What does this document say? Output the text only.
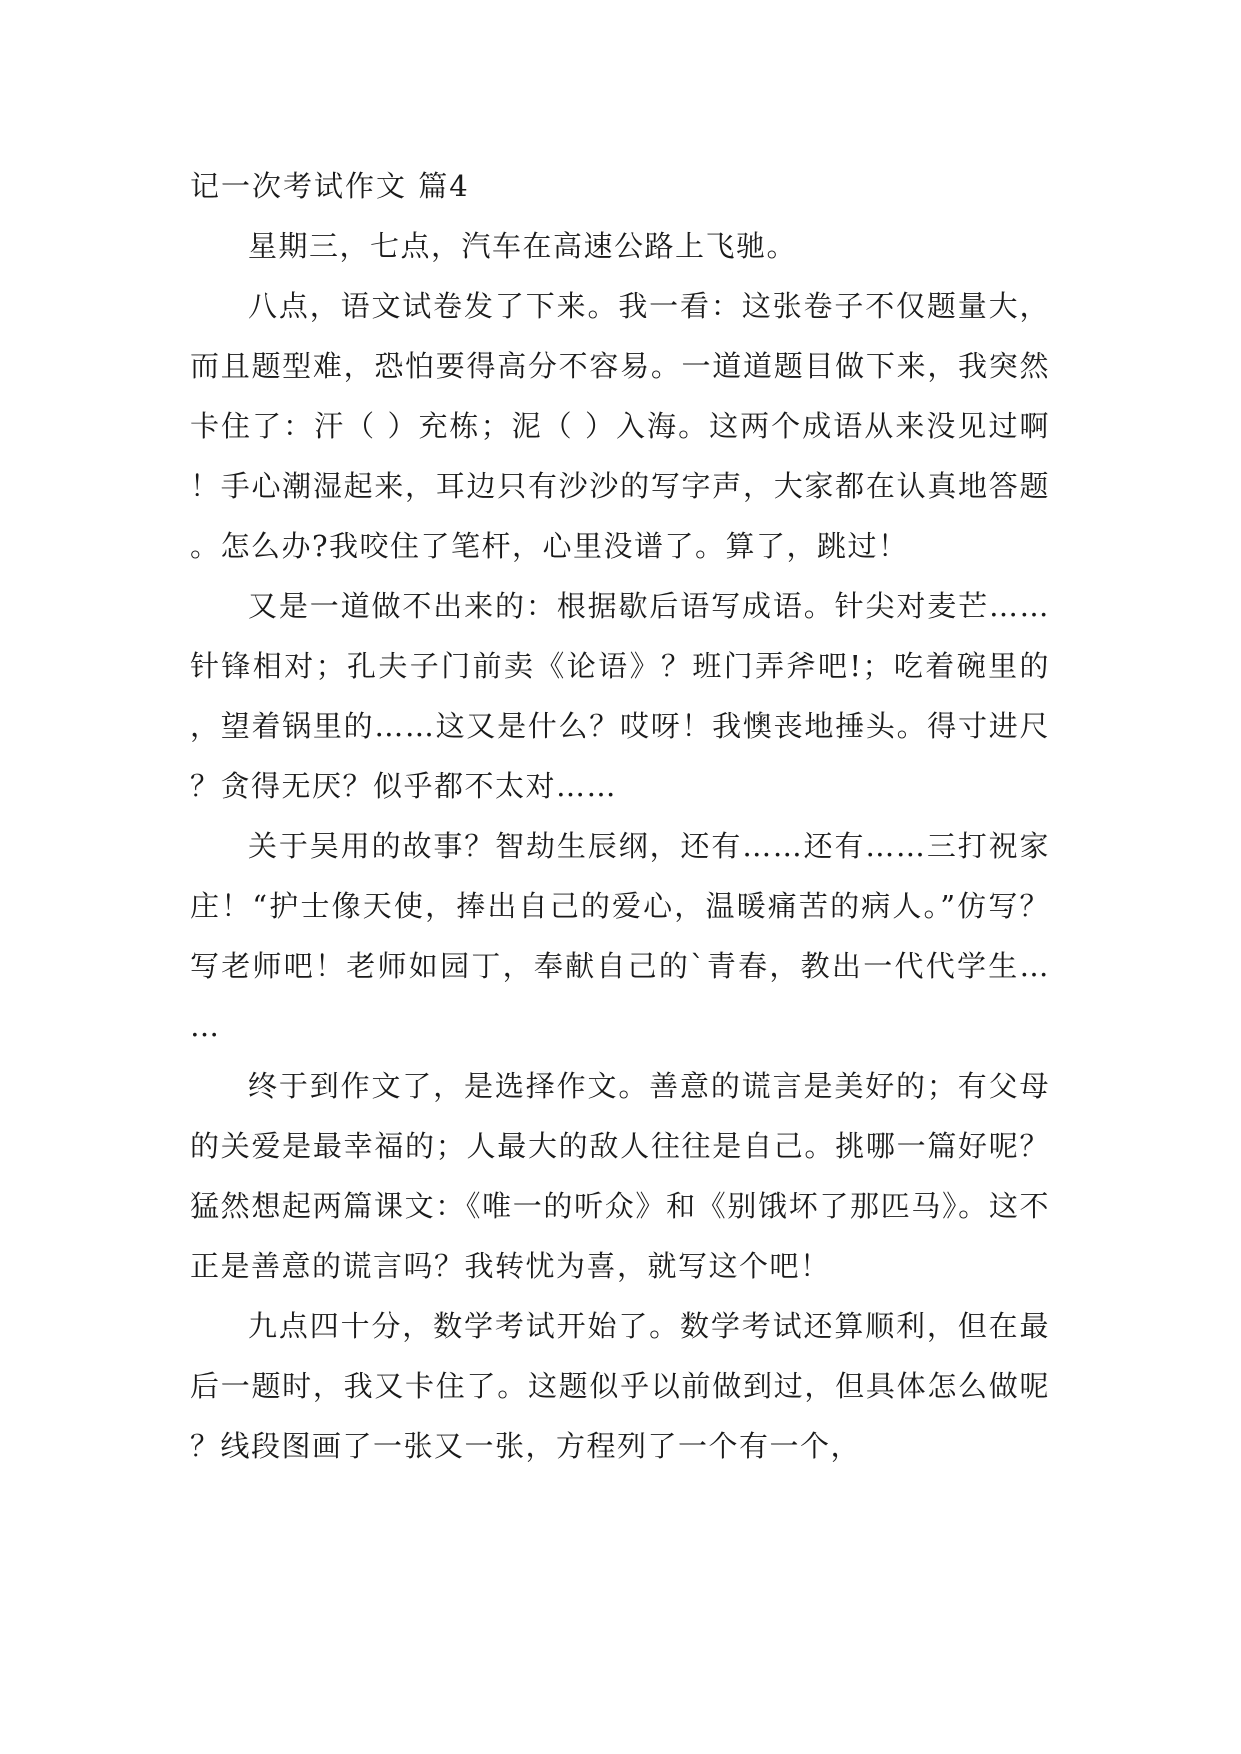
记一次考试作文 篇4

星期三，七点，汽车在高速公路上飞驰。

八点，语文试卷发了下来。我一看：这张卷子不仅题量大，而且题型难，恐怕要得高分不容易。一道道题目做下来，我突然卡住了：汗（ ）充栋；泥（ ）入海。这两个成语从来没见过啊！手心潮湿起来，耳边只有沙沙的写字声，大家都在认真地答题。怎么办?我咬住了笔杆，心里没谱了。算了，跳过！

又是一道做不出来的：根据歇后语写成语。针尖对麦芒……针锋相对；孔夫子门前卖《论语》？班门弄斧吧!；吃着碗里的，望着锅里的……这又是什么？哎呀！我懊丧地捶头。得寸进尺？贪得无厌？似乎都不太对……

关于吴用的故事？智劫生辰纲，还有……还有……三打祝家庄！“护士像天使，捧出自己的爱心，温暖痛苦的病人。”仿写？写老师吧！老师如园丁，奉献自己的`青春，教出一代代学生……

终于到作文了，是选择作文。善意的谎言是美好的；有父母的关爱是最幸福的；人最大的敌人往往是自己。挑哪一篇好呢？猛然想起两篇课文：《唯一的听众》和《别饿坏了那匹马》。这不正是善意的谎言吗？我转忧为喜，就写这个吧！

九点四十分，数学考试开始了。数学考试还算顺利，但在最后一题时，我又卡住了。这题似乎以前做到过，但具体怎么做呢？线段图画了一张又一张，方程列了一个有一个，
